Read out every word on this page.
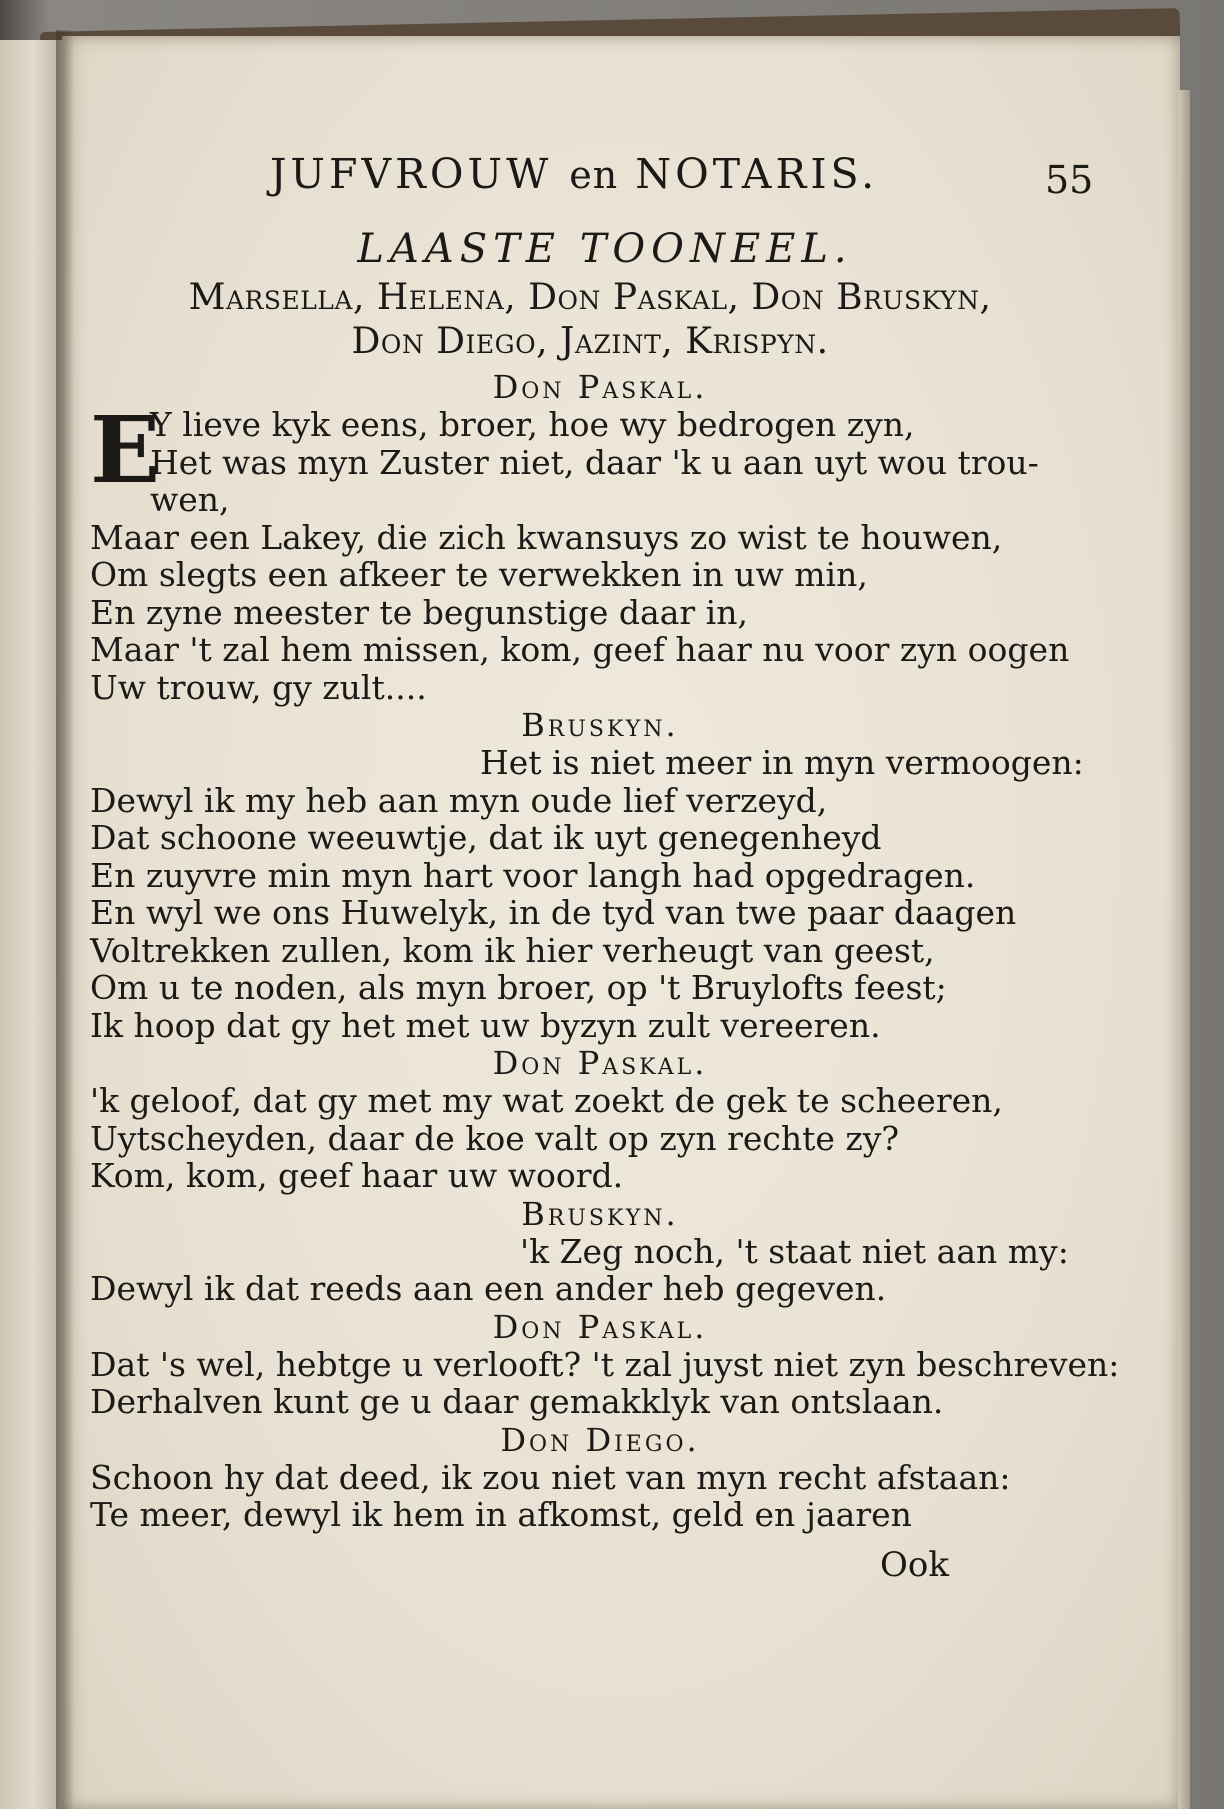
JUFVROUW en NOTARIS.	55
LAASTE TOONEEL.
Marsella, Helena, Don Paskal, Don Bruskyn,
Don Diego, Jazint, Krispyn.
Don Paskal.
E
Y lieve kyk eens, broer, hoe wy bedrogen zyn,
Het was myn Zuster niet, daar 'k u aan uyt wou trou-
wen,
Maar een Lakey, die zich kwansuys zo wist te houwen,
Om slegts een afkeer te verwekken in uw min,
En zyne meester te begunstige daar in,
Maar 't zal hem missen, kom, geef haar nu voor zyn oogen
Uw trouw, gy zult....
Bruskyn.
Het is niet meer in myn vermoogen:
Dewyl ik my heb aan myn oude lief verzeyd,
Dat schoone weeuwtje, dat ik uyt genegenheyd
En zuyvre min myn hart voor langh had opgedragen.
En wyl we ons Huwelyk, in de tyd van twe paar daagen
Voltrekken zullen, kom ik hier verheugt van geest,
Om u te noden, als myn broer, op 't Bruylofts feest;
Ik hoop dat gy het met uw byzyn zult vereeren.
Don Paskal.
'k geloof, dat gy met my wat zoekt de gek te scheeren,
Uytscheyden, daar de koe valt op zyn rechte zy?
Kom, kom, geef haar uw woord.
Bruskyn.
'k Zeg noch, 't staat niet aan my:
Dewyl ik dat reeds aan een ander heb gegeven.
Don Paskal.
Dat 's wel, hebtge u verlooft? 't zal juyst niet zyn beschreven:
Derhalven kunt ge u daar gemakklyk van ontslaan.
Don Diego.
Schoon hy dat deed, ik zou niet van myn recht afstaan:
Te meer, dewyl ik hem in afkomst, geld en jaaren
Ook
